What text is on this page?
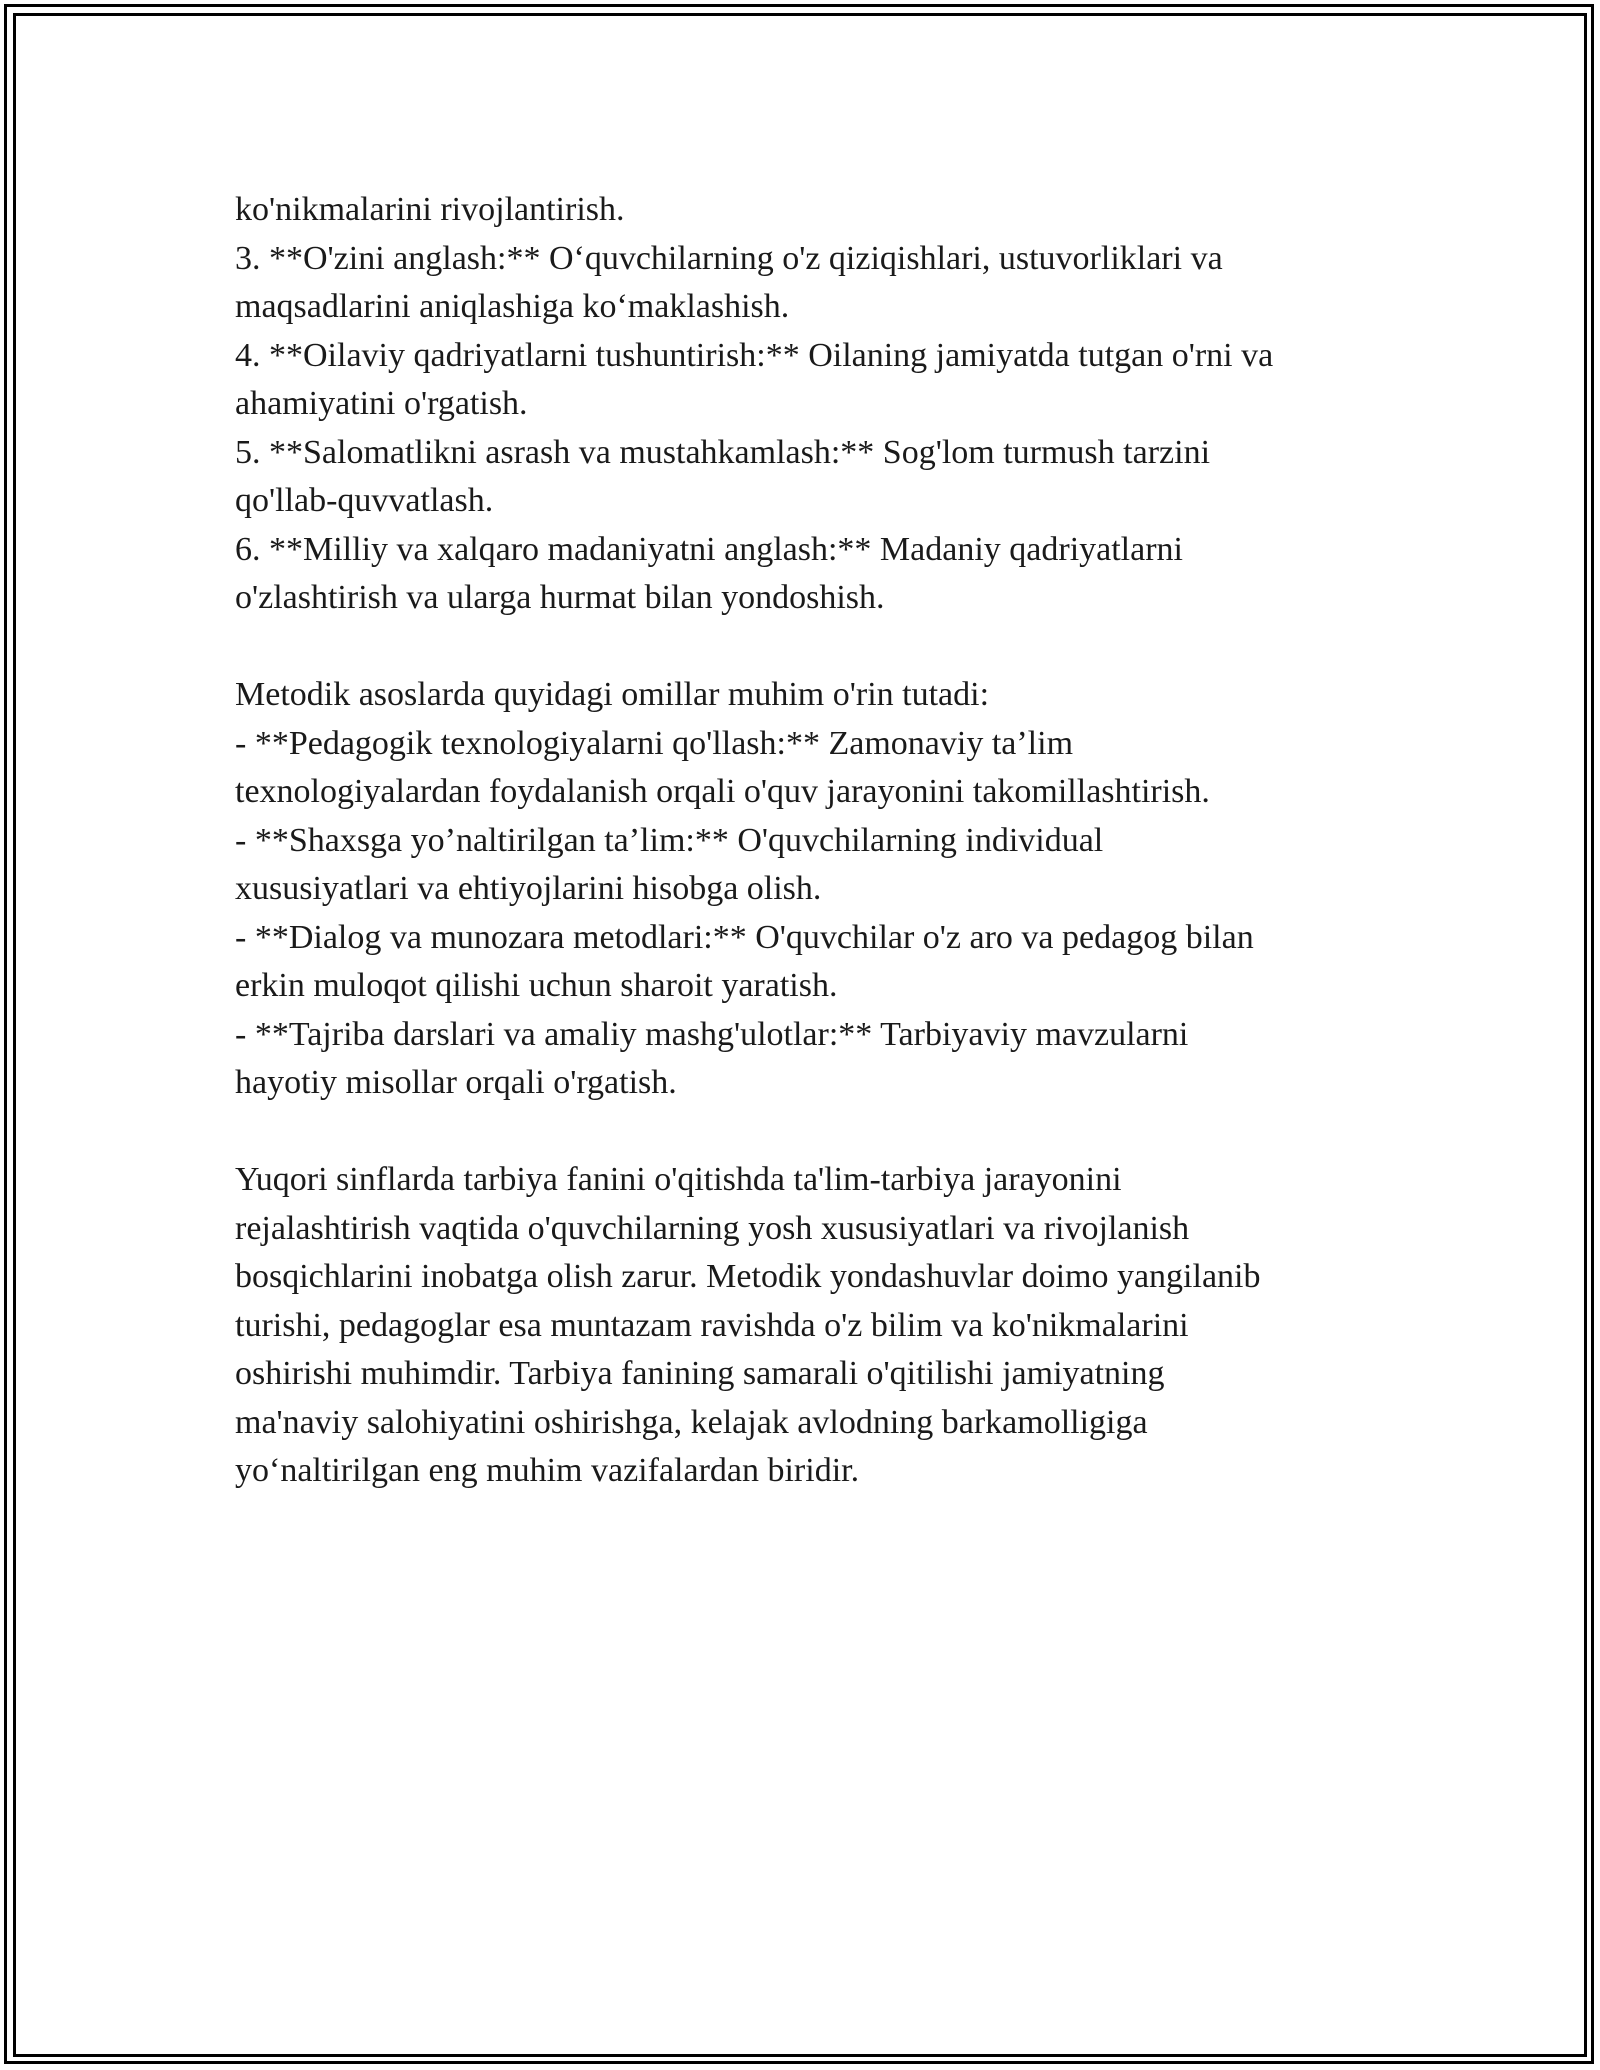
ko'nikmalarini rivojlantirish.
3. **O'zini anglash:** O‘quvchilarning o'z qiziqishlari, ustuvorliklari va
maqsadlarini aniqlashiga ko‘maklashish.
4. **Oilaviy qadriyatlarni tushuntirish:** Oilaning jamiyatda tutgan o'rni va
ahamiyatini o'rgatish.
5. **Salomatlikni asrash va mustahkamlash:** Sog'lom turmush tarzini
qo'llab-quvvatlash.
6. **Milliy va xalqaro madaniyatni anglash:** Madaniy qadriyatlarni
o'zlashtirish va ularga hurmat bilan yondoshish.
Metodik asoslarda quyidagi omillar muhim o'rin tutadi:
- **Pedagogik texnologiyalarni qo'llash:** Zamonaviy ta’lim
texnologiyalardan foydalanish orqali o'quv jarayonini takomillashtirish.
- **Shaxsga yo’naltirilgan ta’lim:** O'quvchilarning individual
xususiyatlari va ehtiyojlarini hisobga olish.
- **Dialog va munozara metodlari:** O'quvchilar o'z aro va pedagog bilan
erkin muloqot qilishi uchun sharoit yaratish.
- **Tajriba darslari va amaliy mashg'ulotlar:** Tarbiyaviy mavzularni
hayotiy misollar orqali o'rgatish.
Yuqori sinflarda tarbiya fanini o'qitishda ta'lim-tarbiya jarayonini
rejalashtirish vaqtida o'quvchilarning yosh xususiyatlari va rivojlanish
bosqichlarini inobatga olish zarur. Metodik yondashuvlar doimo yangilanib
turishi, pedagoglar esa muntazam ravishda o'z bilim va ko'nikmalarini
oshirishi muhimdir. Tarbiya fanining samarali o'qitilishi jamiyatning
ma'naviy salohiyatini oshirishga, kelajak avlodning barkamolligiga
yo‘naltirilgan eng muhim vazifalardan biridir.
